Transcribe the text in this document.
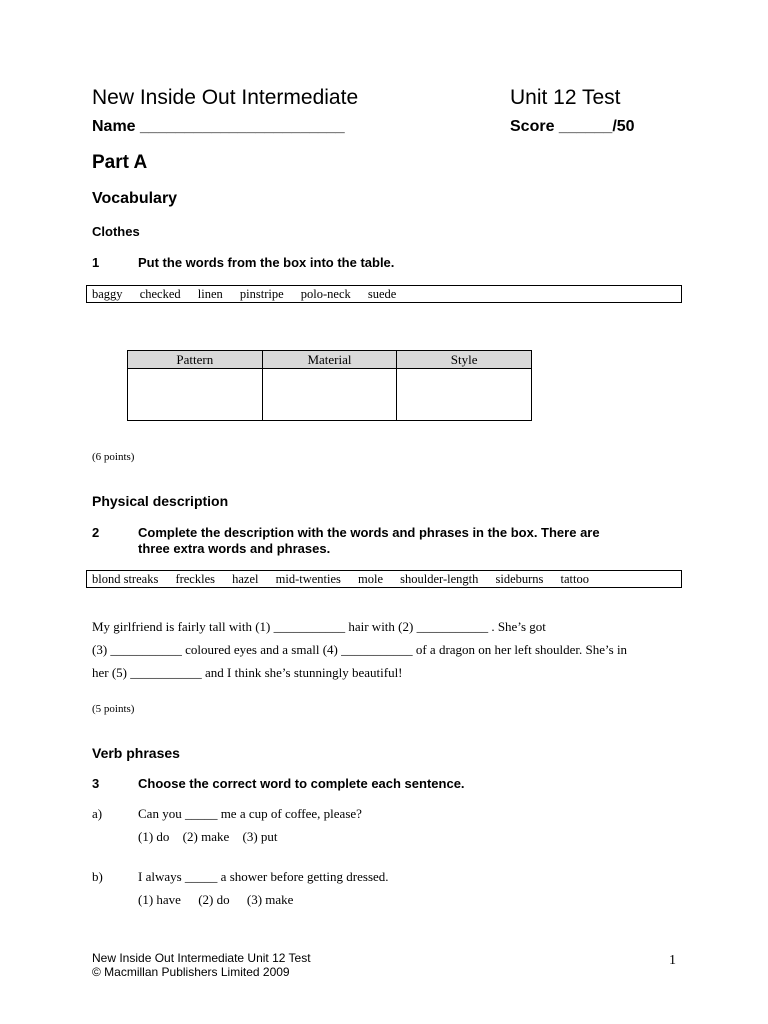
New Inside Out Intermediate	Unit 12 Test
Name _______________________	Score ______/50
Part A
Vocabulary
Clothes
1	Put the words from the box into the table.
baggy checked linen pinstripe polo-neck suede
Pattern	Material	Style

(6 points)
Physical description
2	Complete the description with the words and phrases in the box. There are
three extra words and phrases.
blond streaks freckles hazel mid-twenties mole shoulder-length sideburns tattoo
My girlfriend is fairly tall with (1) ___________ hair with (2) ___________ . She’s got
(3) ___________ coloured eyes and a small (4) ___________ of a dragon on her left shoulder. She’s in
her (5) ___________ and I think she’s stunningly beautiful!
(5 points)
Verb phrases
3	Choose the correct word to complete each sentence.
a)	Can you _____ me a cup of coffee, please?
(1) do (2) make (3) put
b)	I always _____ a shower before getting dressed.
(1) have (2) do (3) make
New Inside Out Intermediate Unit 12 Test
© Macmillan Publishers Limited 2009
1
